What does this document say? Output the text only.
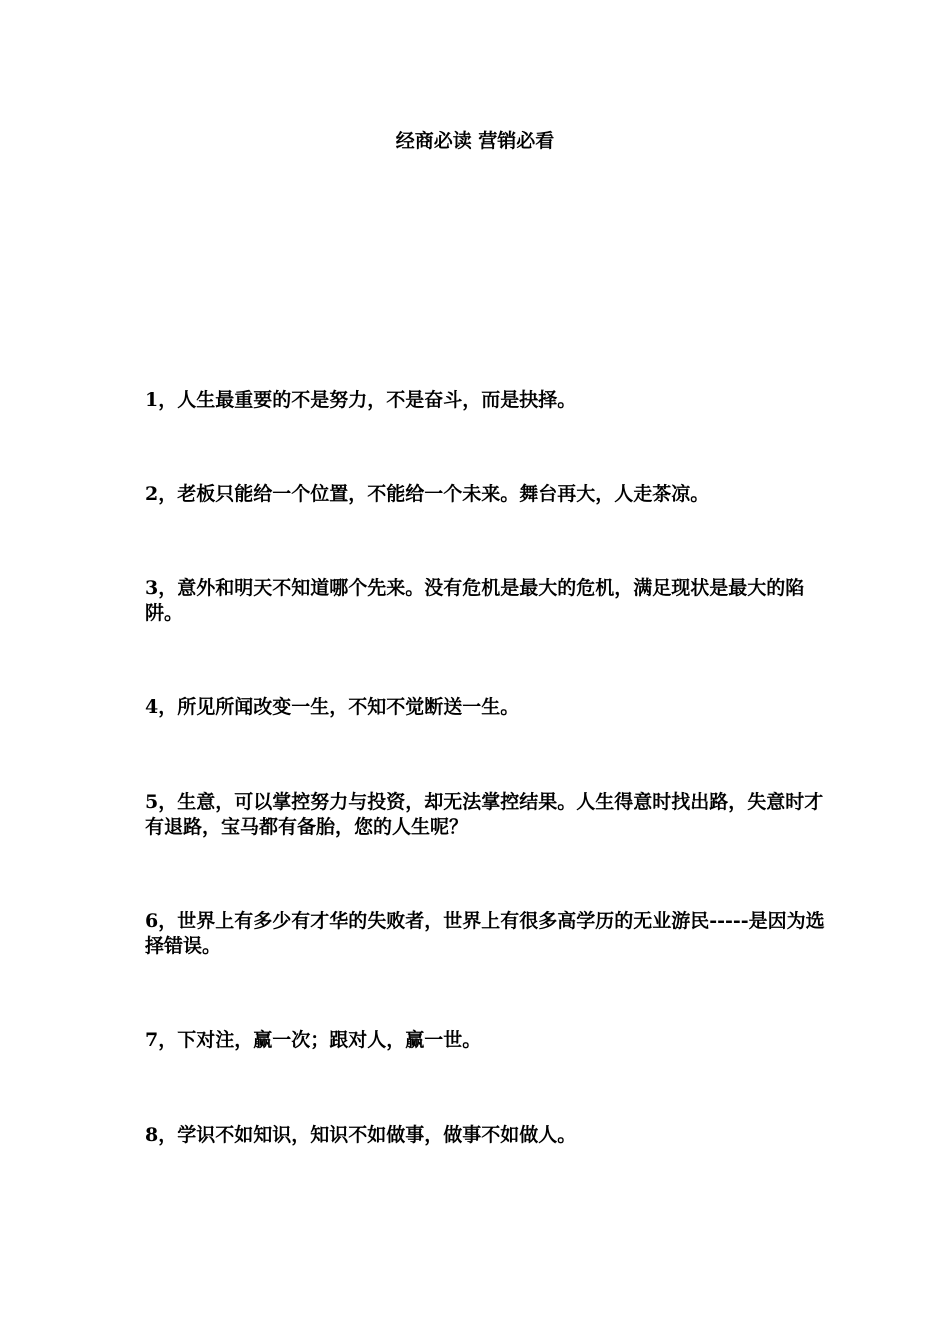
经商必读 营销必看
1，人生最重要的不是努力，不是奋斗，而是抉择。
2，老板只能给一个位置，不能给一个未来。舞台再大，人走茶凉。
3，意外和明天不知道哪个先来。没有危机是最大的危机，满足现状是最大的陷阱。
4，所见所闻改变一生，不知不觉断送一生。
5，生意，可以掌控努力与投资，却无法掌控结果。人生得意时找出路，失意时才有退路，宝马都有备胎，您的人生呢？
6，世界上有多少有才华的失败者，世界上有很多高学历的无业游民-----是因为选择错误。
7，下对注，赢一次；跟对人，赢一世。
8，学识不如知识，知识不如做事，做事不如做人。
